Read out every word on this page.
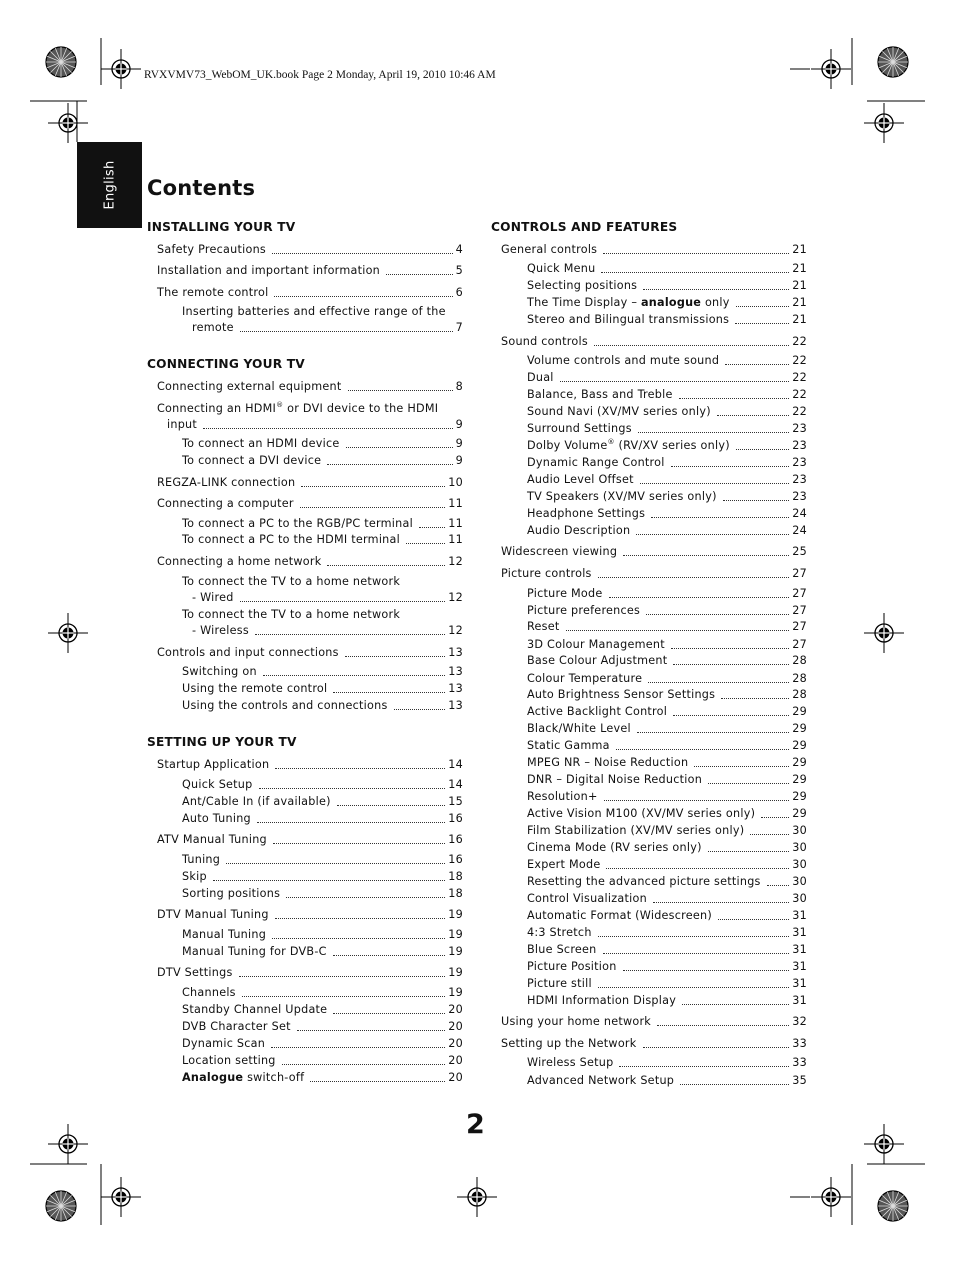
RVXVMV73_WebOM_UK.book Page 2 Monday, April 19, 2010 10:46 AM
English Contents
INSTALLING YOUR TV
Safety Precautions	4
Installation and important information	5
The remote control	6
Inserting batteries and effective range of the
remote	7
CONNECTING YOUR TV
Connecting external equipment	8
Connecting an HDMI® or DVI device to the HDMI
input	9
To connect an HDMI device	9
To connect a DVI device	9
REGZA-LINK connection	10
Connecting a computer	11
To connect a PC to the RGB/PC terminal	11
To connect a PC to the HDMI terminal	11
Connecting a home network	12
To connect the TV to a home network
- Wired	12
To connect the TV to a home network
- Wireless	12
Controls and input connections	13
Switching on	13
Using the remote control	13
Using the controls and connections	13
SETTING UP YOUR TV
Startup Application	14
Quick Setup	14
Ant/Cable In (if available)	15
Auto Tuning	16
ATV Manual Tuning	16
Tuning	16
Skip	18
Sorting positions	18
DTV Manual Tuning	19
Manual Tuning	19
Manual Tuning for DVB-C	19
DTV Settings	19
Channels	19
Standby Channel Update	20
DVB Character Set	20
Dynamic Scan	20
Location setting	20
Analogue switch-off	20
CONTROLS AND FEATURES
General controls	21
Quick Menu	21
Selecting positions	21
The Time Display – analogue only	21
Stereo and Bilingual transmissions	21
Sound controls	22
Volume controls and mute sound	22
Dual	22
Balance, Bass and Treble	22
Sound Navi (XV/MV series only)	22
Surround Settings	23
Dolby Volume® (RV/XV series only)	23
Dynamic Range Control	23
Audio Level Offset	23
TV Speakers (XV/MV series only)	23
Headphone Settings	24
Audio Description	24
Widescreen viewing	25
Picture controls	27
Picture Mode	27
Picture preferences	27
Reset	27
3D Colour Management	27
Base Colour Adjustment	28
Colour Temperature	28
Auto Brightness Sensor Settings	28
Active Backlight Control	29
Black/White Level	29
Static Gamma	29
MPEG NR – Noise Reduction	29
DNR – Digital Noise Reduction	29
Resolution+	29
Active Vision M100 (XV/MV series only)	29
Film Stabilization (XV/MV series only)	30
Cinema Mode (RV series only)	30
Expert Mode	30
Resetting the advanced picture settings	30
Control Visualization	30
Automatic Format (Widescreen)	31
4:3 Stretch	31
Blue Screen	31
Picture Position	31
Picture still	31
HDMI Information Display	31
Using your home network	32
Setting up the Network	33
Wireless Setup	33
Advanced Network Setup	35
2
